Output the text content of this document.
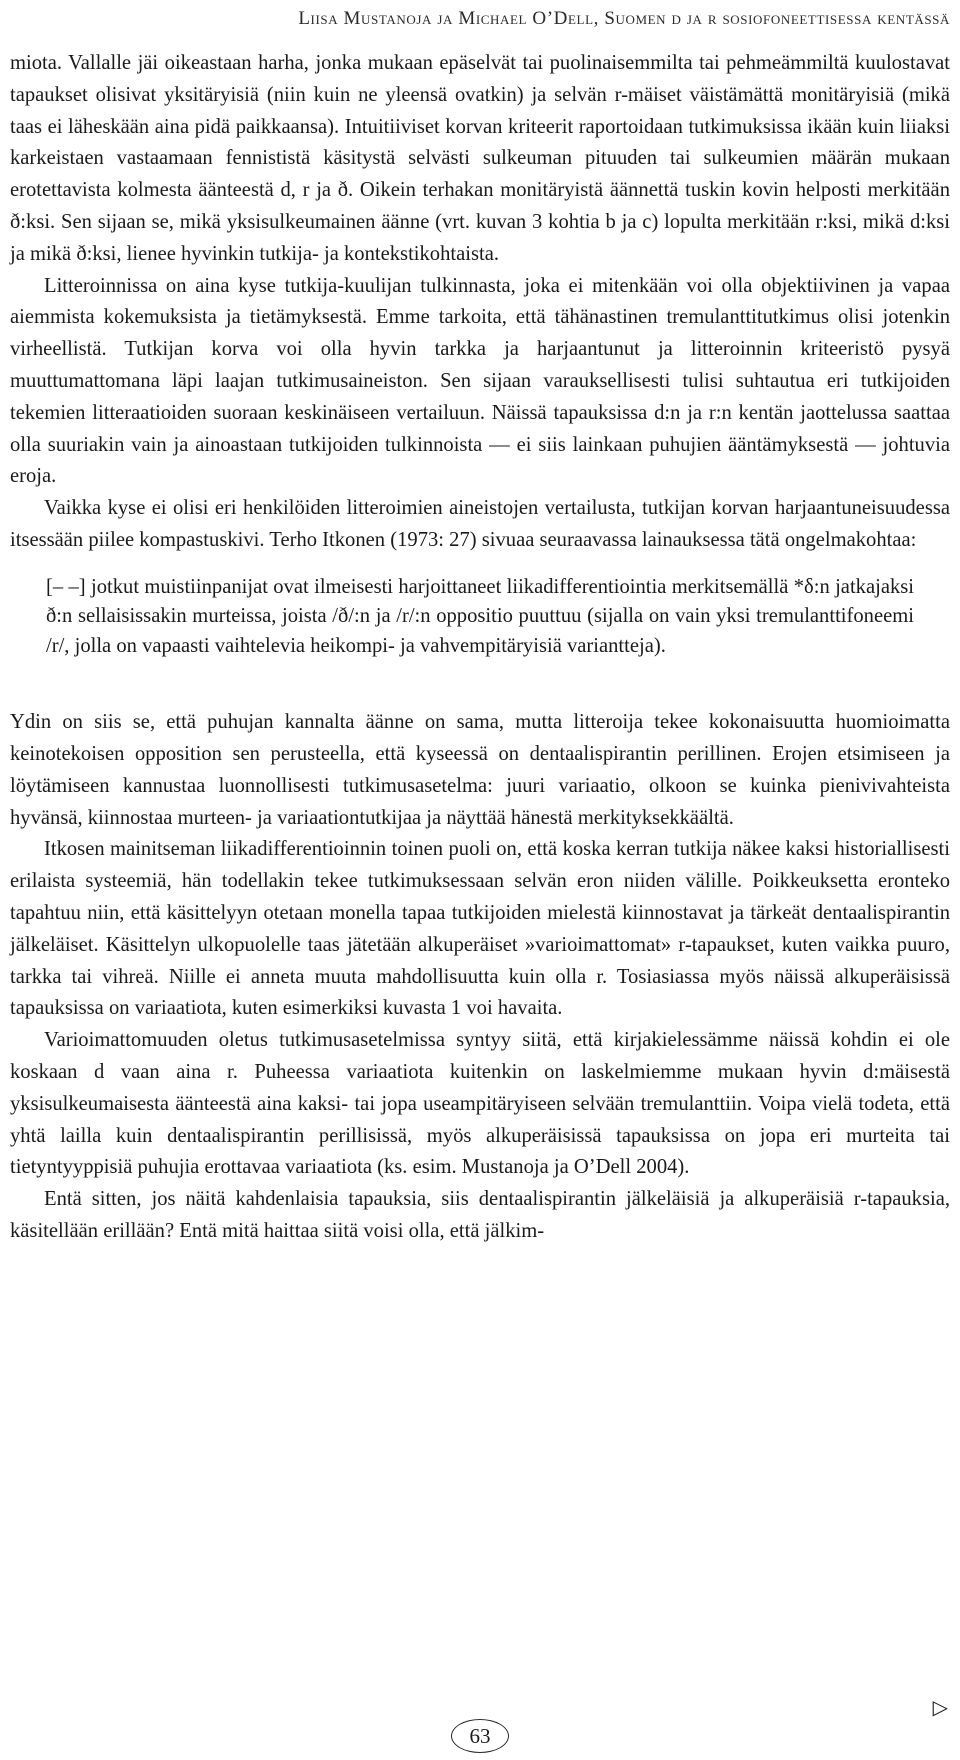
Liisa Mustanoja ja Michael O’Dell, Suomen d ja r sosiofoneettisessa kentässä

miota. Vallalle jäi oikeastaan harha, jonka mukaan epäselvät tai puolinaisemmilta tai pehmeämmiltä kuulostavat tapaukset olisivat yksitäryisiä (niin kuin ne yleensä ovatkin) ja selvän r-mäiset väistämättä monitäryisiä (mikä taas ei läheskään aina pidä paikkaansa). Intuitiiviset korvan kriteerit raportoidaan tutkimuksissa ikään kuin liiaksi karkeistaen vastaamaan fennististä käsitystä selvästi sulkeuman pituuden tai sulkeumien määrän mukaan erotettavista kolmesta äänteestä d, r ja ð. Oikein terhakan monitäryistä äännettä tuskin kovin helposti merkitään ð:ksi. Sen sijaan se, mikä yksisulkeumainen äänne (vrt. kuvan 3 kohtia b ja c) lopulta merkitään r:ksi, mikä d:ksi ja mikä ð:ksi, lienee hyvinkin tutkija- ja kontekstikohtaista.

Litteroinnissa on aina kyse tutkija-kuulijan tulkinnasta, joka ei mitenkään voi olla objektiivinen ja vapaa aiemmista kokemuksista ja tietämyksestä. Emme tarkoita, että tähänastinen tremulanttitutkimus olisi jotenkin virheellistä. Tutkijan korva voi olla hyvin tarkka ja harjaantunut ja litteroinnin kriteeristö pysyä muuttumattomana läpi laajan tutkimusaineiston. Sen sijaan varauksellisesti tulisi suhtautua eri tutkijoiden tekemien litteraatioiden suoraan keskinäiseen vertailuun. Näissä tapauksissa d:n ja r:n kentän jaottelussa saattaa olla suuriakin vain ja ainoastaan tutkijoiden tulkinnoista — ei siis lainkaan puhujien ääntämyksestä — johtuvia eroja.

Vaikka kyse ei olisi eri henkilöiden litteroimien aineistojen vertailusta, tutkijan korvan harjaantuneisuudessa itsessään piilee kompastuskivi. Terho Itkonen (1973: 27) sivuaa seuraavassa lainauksessa tätä ongelmakohtaa:

[– –] jotkut muistiinpanijat ovat ilmeisesti harjoittaneet liikadifferentiointia merkitsemällä *δ:n jatkajaksi ð:n sellaisissakin murteissa, joista /ð/:n ja /r/:n oppositio puuttuu (sijalla on vain yksi tremulanttifoneemi /r/, jolla on vapaasti vaihtelevia heikompi- ja vahvempitäryisiä variantteja).

Ydin on siis se, että puhujan kannalta äänne on sama, mutta litteroija tekee kokonaisuutta huomioimatta keinotekoisen opposition sen perusteella, että kyseessä on dentaalispirantin perillinen. Erojen etsimiseen ja löytämiseen kannustaa luonnollisesti tutkimusasetelma: juuri variaatio, olkoon se kuinka pienivivahteista hyvänsä, kiinnostaa murteen- ja variaationtutkijaa ja näyttää hänestä merkityksekkäältä.

Itkosen mainitseman liikadifferentioinnin toinen puoli on, että koska kerran tutkija näkee kaksi historiallisesti erilaista systeemiä, hän todellakin tekee tutkimuksessaan selvän eron niiden välille. Poikkeuksetta eronteko tapahtuu niin, että käsittelyyn otetaan monella tapaa tutkijoiden mielestä kiinnostavat ja tärkeät dentaalispirantin jälkeläiset. Käsittelyn ulkopuolelle taas jätetään alkuperäiset »varioimattomat» r-tapaukset, kuten vaikka puuro, tarkka tai vihreä. Niille ei anneta muuta mahdollisuutta kuin olla r. Tosiasiassa myös näissä alkuperäisissä tapauksissa on variaatiota, kuten esimerkiksi kuvasta 1 voi havaita.

Varioimattomuuden oletus tutkimusasetelmissa syntyy siitä, että kirjakielessämme näissä kohdin ei ole koskaan d vaan aina r. Puheessa variaatiota kuitenkin on laskelmiemme mukaan hyvin d:mäisestä yksisulkeumaisesta äänteestä aina kaksi- tai jopa useampitäryiseen selvään tremulanttiin. Voipa vielä todeta, että yhtä lailla kuin dentaalispirantin perillisissä, myös alkuperäisissä tapauksissa on jopa eri murteita tai tietyntyyppisiä puhujia erottavaa variaatiota (ks. esim. Mustanoja ja O’Dell 2004).

Entä sitten, jos näitä kahdenlaisia tapauksia, siis dentaalispirantin jälkeläisiä ja alkuperäisiä r-tapauksia, käsitellään erillään? Entä mitä haittaa siitä voisi olla, että jälkim-

▷
63
